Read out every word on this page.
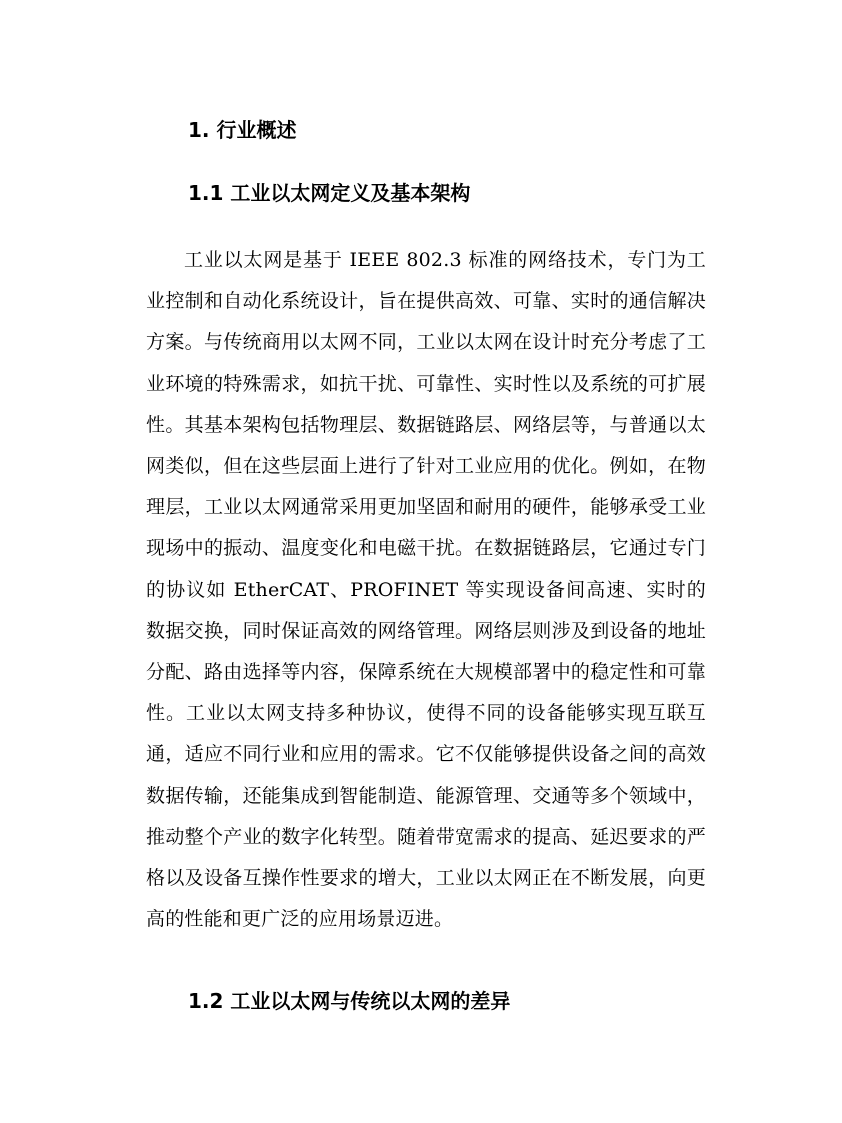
1. 行业概述
1.1 工业以太网定义及基本架构

工业以太网是基于 IEEE 802.3 标准的网络技术，专门为工业控制和自动化系统设计，旨在提供高效、可靠、实时的通信解决方案。与传统商用以太网不同，工业以太网在设计时充分考虑了工业环境的特殊需求，如抗干扰、可靠性、实时性以及系统的可扩展性。其基本架构包括物理层、数据链路层、网络层等，与普通以太网类似，但在这些层面上进行了针对工业应用的优化。例如，在物理层，工业以太网通常采用更加坚固和耐用的硬件，能够承受工业现场中的振动、温度变化和电磁干扰。在数据链路层，它通过专门的协议如 EtherCAT、PROFINET 等实现设备间高速、实时的数据交换，同时保证高效的网络管理。网络层则涉及到设备的地址分配、路由选择等内容，保障系统在大规模部署中的稳定性和可靠性。工业以太网支持多种协议，使得不同的设备能够实现互联互通，适应不同行业和应用的需求。它不仅能够提供设备之间的高效数据传输，还能集成到智能制造、能源管理、交通等多个领域中，推动整个产业的数字化转型。随着带宽需求的提高、延迟要求的严格以及设备互操作性要求的增大，工业以太网正在不断发展，向更高的性能和更广泛的应用场景迈进。

1.2 工业以太网与传统以太网的差异
